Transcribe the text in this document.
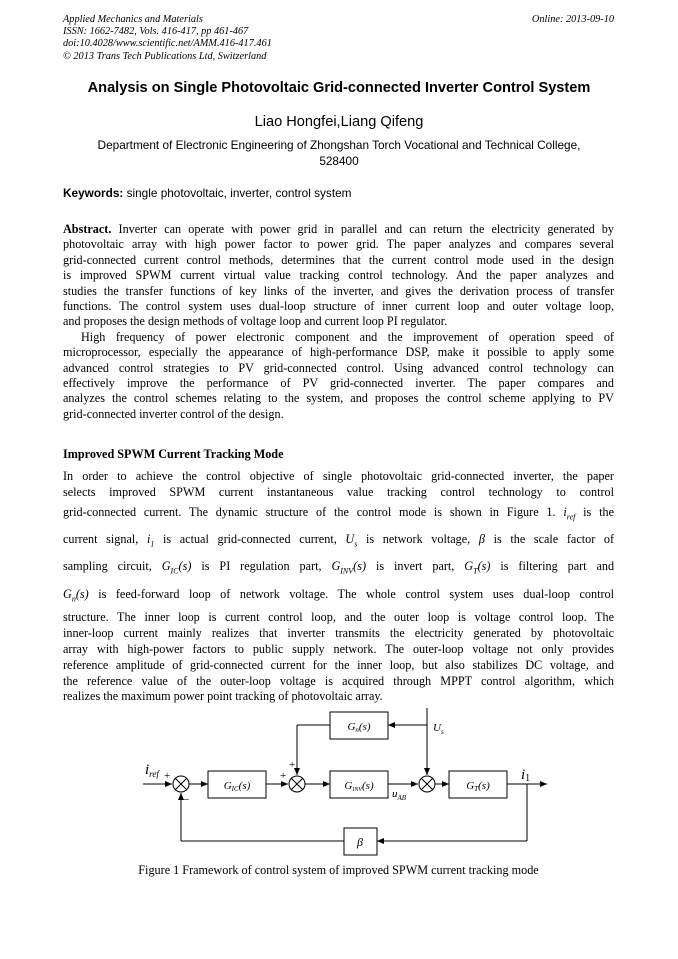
Applied Mechanics and Materials
ISSN: 1662-7482, Vols. 416-417, pp 461-467
doi:10.4028/www.scientific.net/AMM.416-417.461
© 2013 Trans Tech Publications Ltd, Switzerland
Online: 2013-09-10
Analysis on Single Photovoltaic Grid-connected Inverter Control System
Liao Hongfei,Liang Qifeng
Department of Electronic Engineering of Zhongshan Torch Vocational and Technical College,
528400
Keywords: single photovoltaic, inverter, control system
Abstract. Inverter can operate with power grid in parallel and can return the electricity generated by
photovoltaic array with high power factor to power grid. The paper analyzes and compares several
grid-connected current control methods, determines that the current control mode used in the design
is improved SPWM current virtual value tracking control technology. And the paper analyzes and
studies the transfer functions of key links of the inverter, and gives the derivation process of transfer
functions. The control system uses dual-loop structure of inner current loop and outer voltage loop,
and proposes the design methods of voltage loop and current loop PI regulator.
High frequency of power electronic component and the improvement of operation speed of
microprocessor, especially the appearance of high-performance DSP, make it possible to apply some
advanced control strategies to PV grid-connected control. Using advanced control technology can
effectively improve the performance of PV grid-connected inverter. The paper compares and
analyzes the control schemes relating to the system, and proposes the control scheme applying to PV
grid-connected inverter control of the design.
Improved SPWM Current Tracking Mode
In order to achieve the control objective of single photovoltaic grid-connected inverter, the paper
selects improved SPWM current instantaneous value tracking control technology to control
grid-connected current. The dynamic structure of the control mode is shown in Figure 1. $i_{ref}$ is the
current signal, $i_1$ is actual grid-connected current, $U_s$ is network voltage, β is the scale factor of
sampling circuit, $G_{IC}(s)$ is PI regulation part, $G_{INV}(s)$ is invert part, $G_T(s)$ is filtering part and
$G_n(s)$ is feed-forward loop of network voltage. The whole control system uses dual-loop control
structure. The inner loop is current control loop, and the outer loop is voltage control loop. The
inner-loop current mainly realizes that inverter transmits the electricity generated by photovoltaic
array with high-power factors to public supply network. The outer-loop voltage not only provides
reference amplitude of grid-connected current for the inner loop, but also stabilizes DC voltage, and
the reference value of the outer-loop voltage is acquired through MPPT control algorithm, which
realizes the maximum power point tracking of photovoltaic array.
GIC(s)	GINV(s)	GT(s)
Gn(s)
β
$i_{ref}$	i1
$U_s$
$u_{AB}$
+
−
+
+
Figure 1 Framework of control system of improved SPWM current tracking mode
